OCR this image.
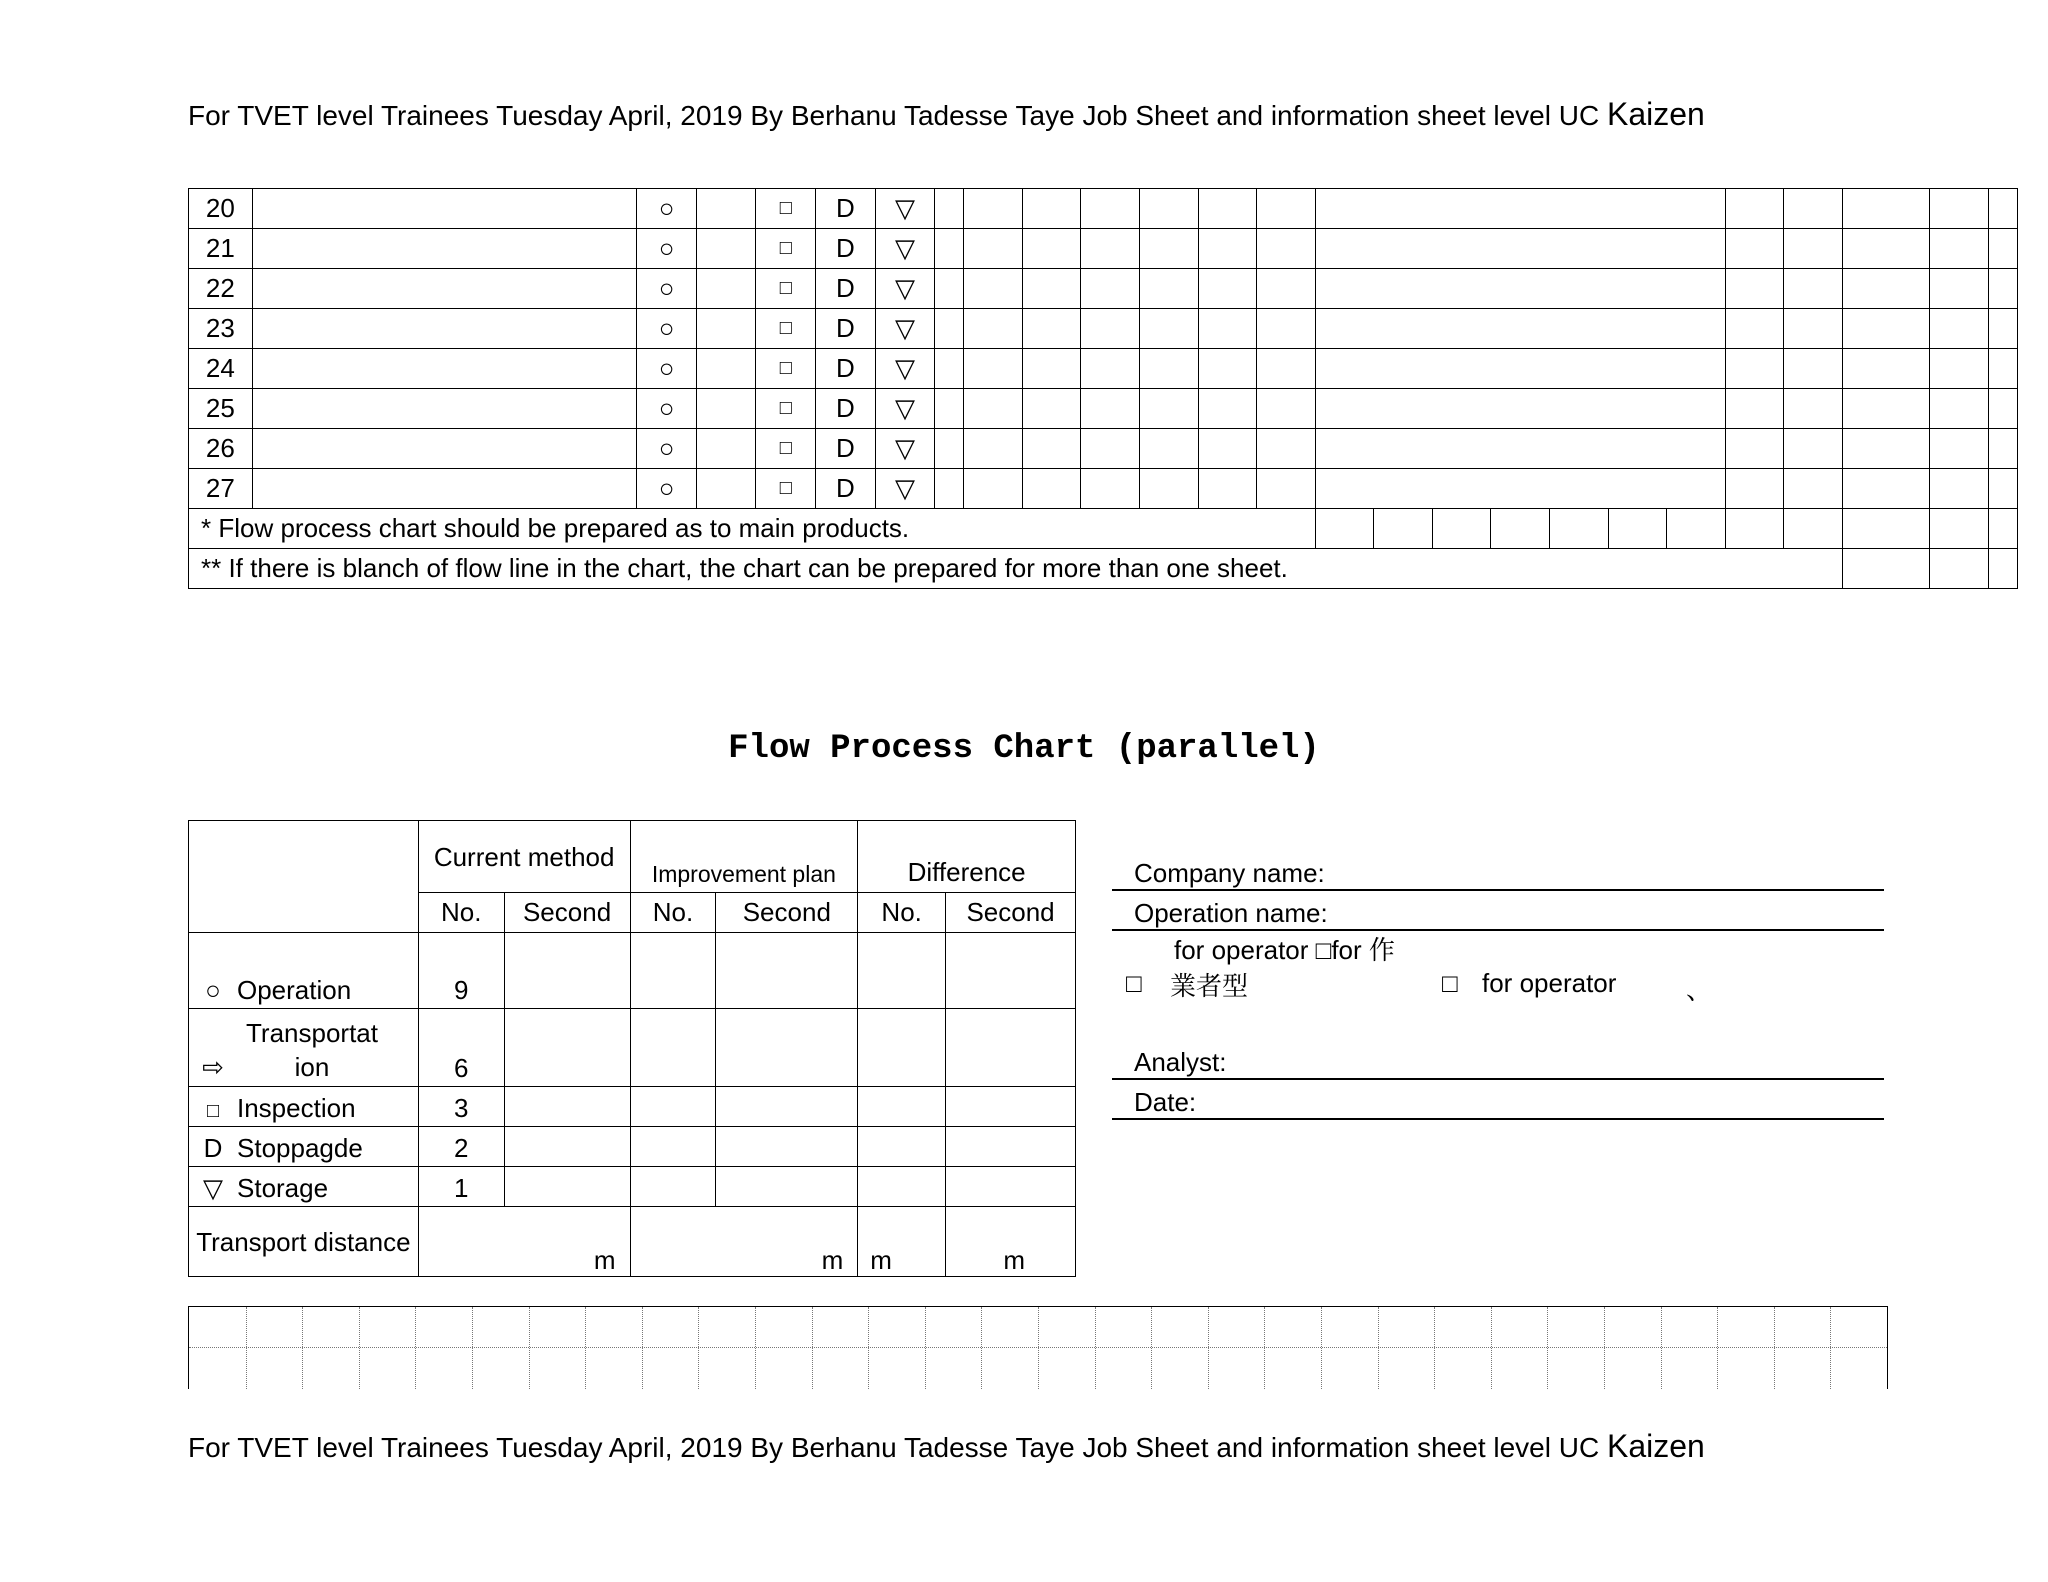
For TVET level Trainees Tuesday April, 2019 By Berhanu Tadesse Taye Job Sheet and information sheet level UC Kaizen
20		○		□	D	▽																			
21		○		□	D	▽																			
22		○		□	D	▽																			
23		○		□	D	▽																			
24		○		□	D	▽																			
25		○		□	D	▽																			
26		○		□	D	▽																			
27		○		□	D	▽																			
* Flow process chart should be prepared as to main products.																									
** If there is blanch of flow line in the chart, the chart can be prepared for more than one sheet.																									
Flow Process Chart (parallel)
	Current method		Improvement plan		Difference	
	No.	Second	No.	Second	No.	Second
○ Operation	9					
⇨Transportat ion	6					
□ Inspection	3					
D Stoppagde	2					
▽ Storage	1					
Transport distance	m		m		m	m
Company name:
Operation name:
for operator □for 作
□ 業者型	□ for operator	、
Analyst:
Date:
For TVET level Trainees Tuesday April, 2019 By Berhanu Tadesse Taye Job Sheet and information sheet level UC Kaizen
